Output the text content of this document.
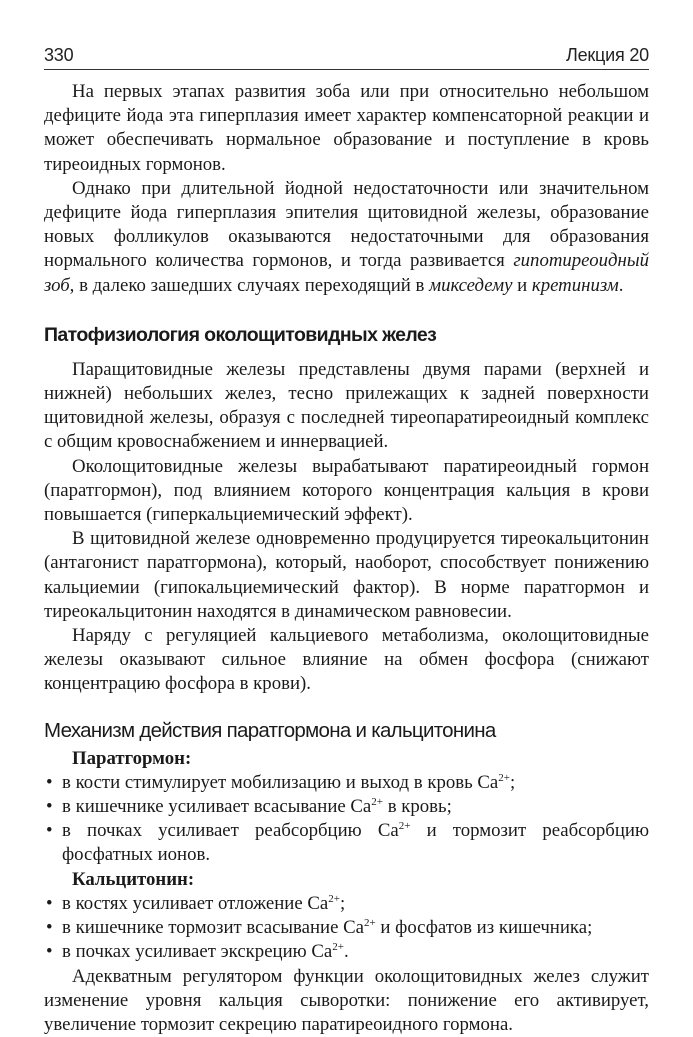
330	Лекция 20

На первых этапах развития зоба или при относительно небольшом дефиците йода эта гиперплазия имеет характер компенсаторной реакции и может обеспечивать нормальное образование и поступление в кровь тиреоидных гормонов.

Однако при длительной йодной недостаточности или значительном дефиците йода гиперплазия эпителия щитовидной железы, образование новых фолликулов оказываются недостаточными для образования нормального количества гормонов, и тогда развивается гипотиреоидный зоб, в далеко зашедших случаях переходящий в микседему и кретинизм.

Патофизиология околощитовидных желез

Паращитовидные железы представлены двумя парами (верхней и нижней) небольших желез, тесно прилежащих к задней поверхности щитовидной железы, образуя с последней тиреопаратиреоидный комплекс с общим кровоснабжением и иннервацией.

Околощитовидные железы вырабатывают паратиреоидный гормон (паратгормон), под влиянием которого концентрация кальция в крови повышается (гиперкальциемический эффект).

В щитовидной железе одновременно продуцируется тиреокальцитонин (антагонист паратгормона), который, наоборот, способствует понижению кальциемии (гипокальциемический фактор). В норме паратгормон и тиреокальцитонин находятся в динамическом равновесии.

Наряду с регуляцией кальциевого метаболизма, околощитовидные железы оказывают сильное влияние на обмен фосфора (снижают концентрацию фосфора в крови).

Механизм действия паратгормона и кальцитонина
Паратгормон:
• в кости стимулирует мобилизацию и выход в кровь $Ca^{2+}$;
• в кишечнике усиливает всасывание $Ca^{2+}$ в кровь;
• в почках усиливает реабсорбцию $Ca^{2+}$ и тормозит реабсорбцию фосфатных ионов.
Кальцитонин:
• в костях усиливает отложение $Ca^{2+}$;
• в кишечнике тормозит всасывание $Ca^{2+}$ и фосфатов из кишечника;
• в почках усиливает экскрецию $Ca^{2+}$.

Адекватным регулятором функции околощитовидных желез служит изменение уровня кальция сыворотки: понижение его активирует, увеличение тормозит секрецию паратиреоидного гормона.
